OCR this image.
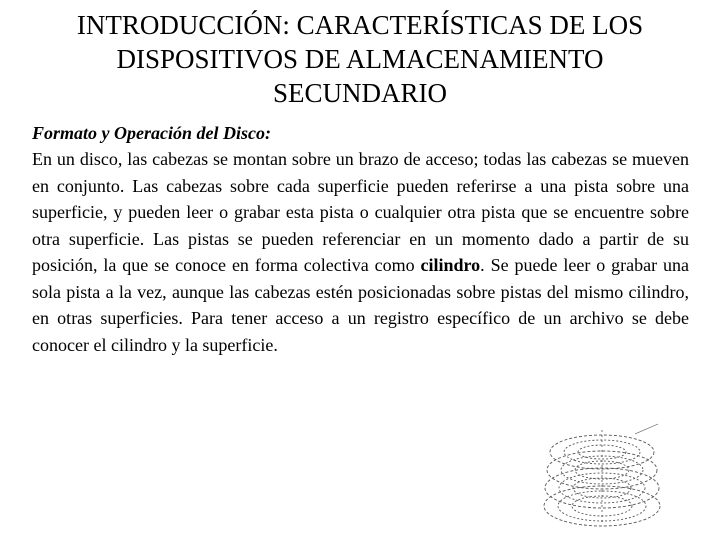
INTRODUCCIÓN: CARACTERÍSTICAS DE LOS
DISPOSITIVOS DE ALMACENAMIENTO
SECUNDARIO

Formato y Operación del Disco:

En un disco, las cabezas se montan sobre un brazo de acceso; todas las cabezas se mueven en conjunto. Las cabezas sobre cada superficie pueden referirse a una pista sobre una superficie, y pueden leer o grabar esta pista o cualquier otra pista que se encuentre sobre otra superficie. Las pistas se pueden referenciar en un momento dado a partir de su posición, la que se conoce en forma colectiva como cilindro. Se puede leer o grabar una sola pista a la vez, aunque las cabezas estén posicionadas sobre pistas del mismo cilindro, en otras superficies. Para tener acceso a un registro específico de un archivo se debe conocer el cilindro y la superficie.
